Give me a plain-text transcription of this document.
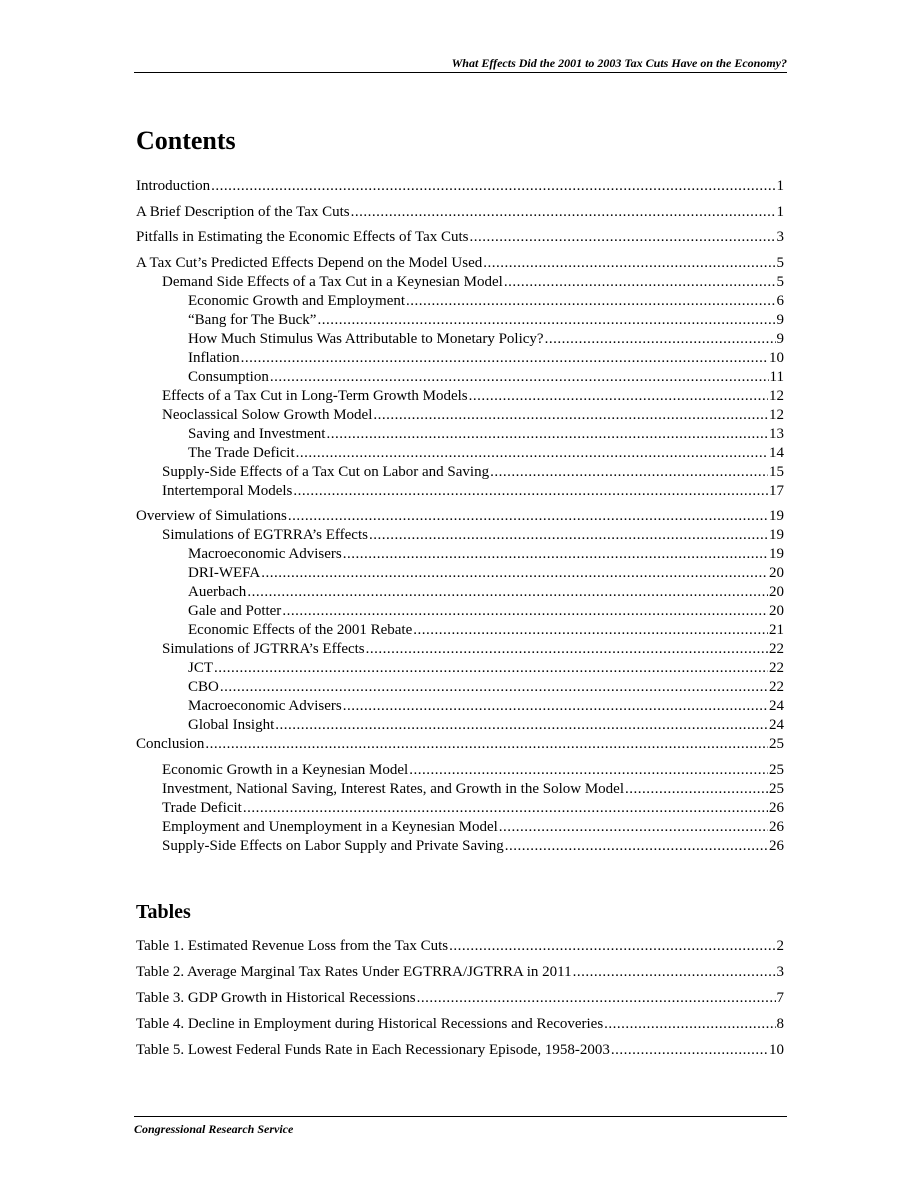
What Effects Did the 2001 to 2003 Tax Cuts Have on the Economy?
Contents
Introduction .....	1
A Brief Description of the Tax Cuts .....	1
Pitfalls in Estimating the Economic Effects of Tax Cuts .....	3
A Tax Cut’s Predicted Effects Depend on the Model Used .....	5
Demand Side Effects of a Tax Cut in a Keynesian Model .....	5
Economic Growth and Employment .....	6
“Bang for The Buck” .....	9
How Much Stimulus Was Attributable to Monetary Policy? .....	9
Inflation .....	10
Consumption .....	11
Effects of a Tax Cut in Long-Term Growth Models .....	12
Neoclassical Solow Growth Model .....	12
Saving and Investment .....	13
The Trade Deficit .....	14
Supply-Side Effects of a Tax Cut on Labor and Saving .....	15
Intertemporal Models .....	17
Overview of Simulations .....	19
Simulations of EGTRRA’s Effects .....	19
Macroeconomic Advisers .....	19
DRI-WEFA .....	20
Auerbach .....	20
Gale and Potter .....	20
Economic Effects of the 2001 Rebate .....	21
Simulations of JGTRRA’s Effects .....	22
JCT .....	22
CBO .....	22
Macroeconomic Advisers .....	24
Global Insight .....	24
Conclusion .....	25
Economic Growth in a Keynesian Model .....	25
Investment, National Saving, Interest Rates, and Growth in the Solow Model .....	25
Trade Deficit .....	26
Employment and Unemployment in a Keynesian Model .....	26
Supply-Side Effects on Labor Supply and Private Saving .....	26
Tables
Table 1. Estimated Revenue Loss from the Tax Cuts .....	2
Table 2. Average Marginal Tax Rates Under EGTRRA/JGTRRA in 2011 .....	3
Table 3. GDP Growth in Historical Recessions .....	7
Table 4. Decline in Employment during Historical Recessions and Recoveries .....	8
Table 5. Lowest Federal Funds Rate in Each Recessionary Episode, 1958-2003 .....	10
Congressional Research Service
